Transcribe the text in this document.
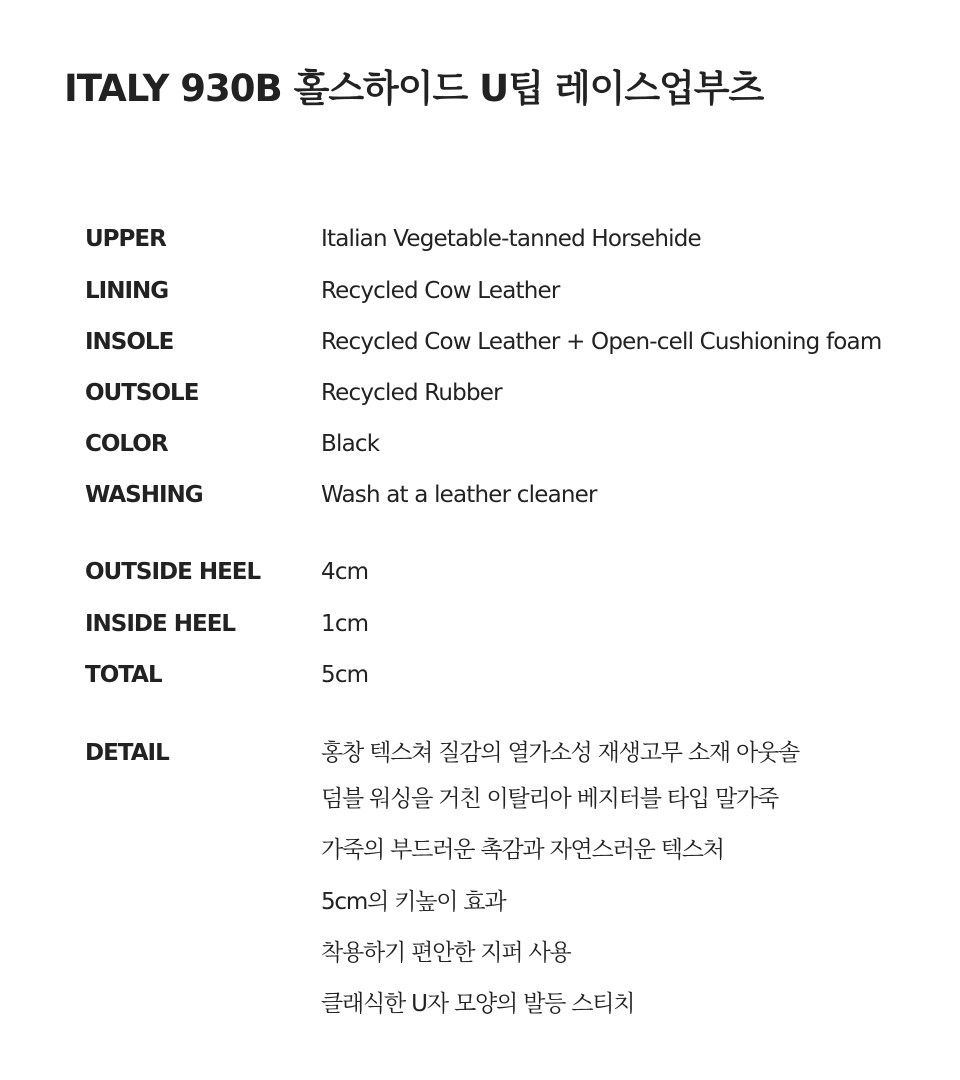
ITALY 930B 홀스하이드 U팁 레이스업부츠
UPPER	Italian Vegetable-tanned Horsehide
LINING	Recycled Cow Leather
INSOLE	Recycled Cow Leather + Open-cell Cushioning foam
OUTSOLE	Recycled Rubber
COLOR	Black
WASHING	Wash at a leather cleaner
OUTSIDE HEEL	4cm
INSIDE HEEL	1cm
TOTAL	5cm
DETAIL	홍창 텍스쳐 질감의 열가소성 재생고무 소재 아웃솔
덤블 워싱을 거친 이탈리아 베지터블 타입 말가죽
가죽의 부드러운 촉감과 자연스러운 텍스처
5cm의 키높이 효과
착용하기 편안한 지퍼 사용
클래식한 U자 모양의 발등 스티치
